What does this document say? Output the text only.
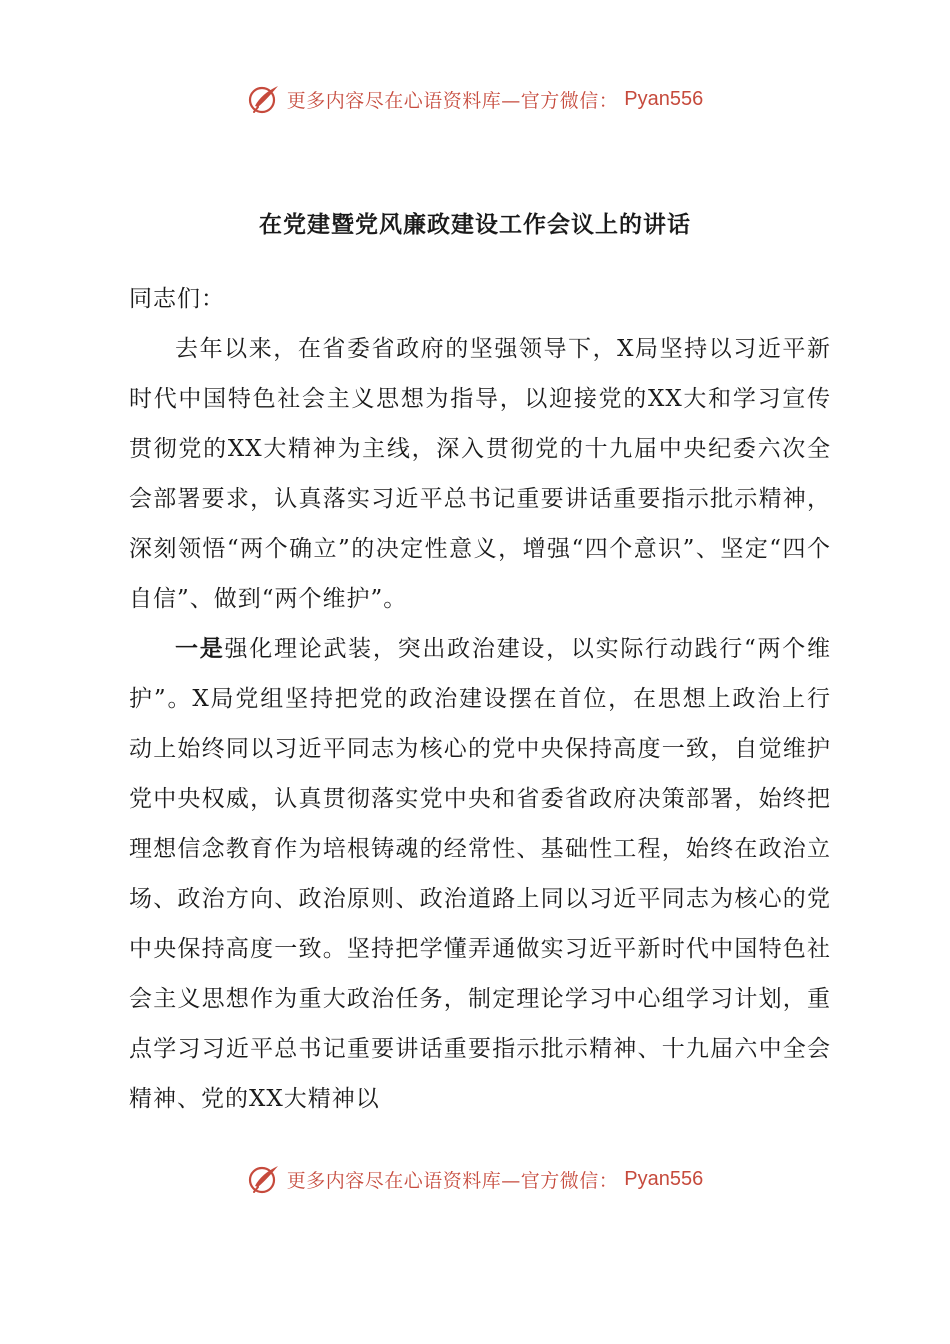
更多内容尽在心语资料库—官方微信： Pyan556
在党建暨党风廉政建设工作会议上的讲话

同志们：

去年以来，在省委省政府的坚强领导下，X局坚持以习近平新时代中国特色社会主义思想为指导，以迎接党的XX大和学习宣传贯彻党的XX大精神为主线，深入贯彻党的十九届中央纪委六次全会部署要求，认真落实习近平总书记重要讲话重要指示批示精神，深刻领悟“两个确立”的决定性意义，增强“四个意识”、坚定“四个自信”、做到“两个维护”。

一是强化理论武装，突出政治建设，以实际行动践行“两个维护”。X局党组坚持把党的政治建设摆在首位，在思想上政治上行动上始终同以习近平同志为核心的党中央保持高度一致，自觉维护党中央权威，认真贯彻落实党中央和省委省政府决策部署，始终把理想信念教育作为培根铸魂的经常性、基础性工程，始终在政治立场、政治方向、政治原则、政治道路上同以习近平同志为核心的党中央保持高度一致。坚持把学懂弄通做实习近平新时代中国特色社会主义思想作为重大政治任务，制定理论学习中心组学习计划，重点学习习近平总书记重要讲话重要指示批示精神、十九届六中全会精神、党的XX大精神以

更多内容尽在心语资料库—官方微信： Pyan556
